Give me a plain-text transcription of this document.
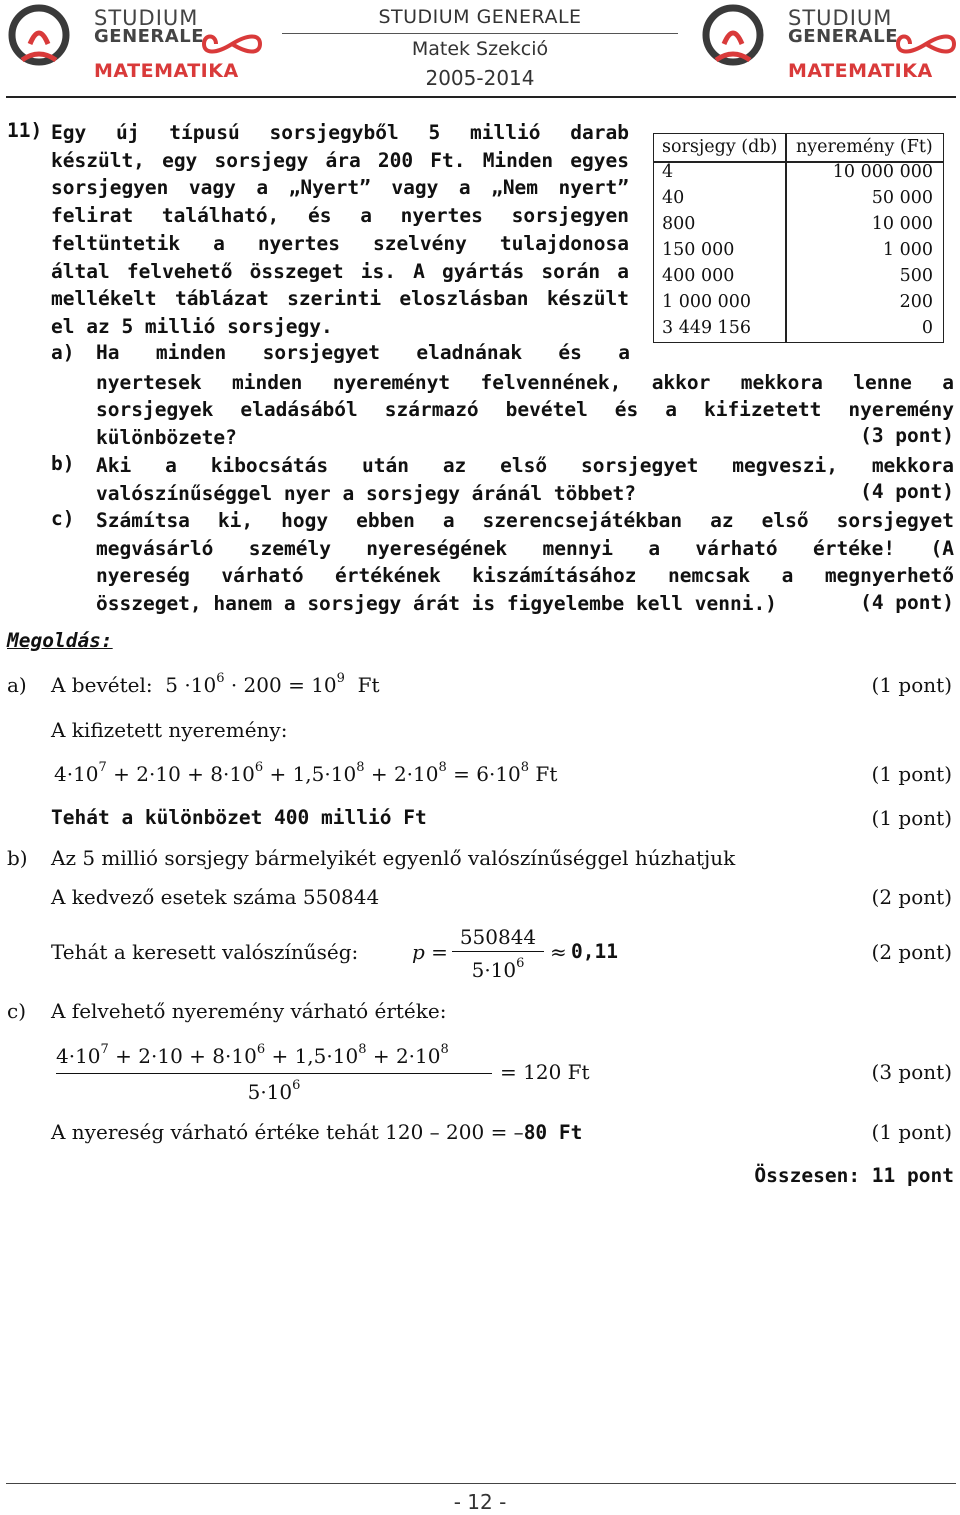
STUDIUM
GENERALE
MATEMATIKA
STUDIUM GENERALE
Matek Szekció
2005-2014
STUDIUM
GENERALE
MATEMATIKA
11) Egy új típusú sorsjegyből 5 millió darab
készült, egy sorsjegy ára 200 Ft. Minden egyes
sorsjegyen vagy a „Nyert” vagy a „Nem nyert”
felirat található, és a nyertes sorsjegyen
feltüntetik a nyertes szelvény tulajdonosa
által felvehető összeget is. A gyártás során a
mellékelt táblázat szerinti eloszlásban készült
el az 5 millió sorsjegy.
sorsjegy (db) nyeremény (Ft)
4	10 000 000
40	50 000
800	10 000
150 000	1 000
400 000	500
1 000 000	200
3 449 156	0
a) Ha minden sorsjegyet eladnának és a
nyertesek minden nyereményt felvennének, akkor mekkora lenne a
sorsjegyek eladásából származó bevétel és a kifizetett nyeremény
különbözete?	(3 pont)
b) Aki a kibocsátás után az első sorsjegyet megveszi, mekkora
valószínűséggel nyer a sorsjegy áránál többet?	(4 pont)
c) Számítsa ki, hogy ebben a szerencsejátékban az első sorsjegyet
megvásárló személy nyereségének mennyi a várható értéke! (A
nyereség várható értékének kiszámításához nemcsak a megnyerhető
összeget, hanem a sorsjegy árát is figyelembe kell venni.)	(4 pont)
Megoldás:
a) A bevétel:  $5 \cdot 10^6 \cdot 200 = 10^9$  Ft	(1 pont)
A kifizetett nyeremény:
$4\cdot 10^7 + 2\cdot 10 + 8\cdot 10^6 + 1,5\cdot 10^8 + 2\cdot 10^8 = 6\cdot 10^8$ Ft	(1 pont)
Tehát a különbözet 400 millió Ft	(1 pont)
b) Az 5 millió sorsjegy bármelyikét egyenlő valószínűséggel húzhatjuk
A kedvező esetek száma 550844	(2 pont)
Tehát a keresett valószínűség:	p =
550844
$5\cdot 10^6$	≈ 0,11	(2 pont)
c) A felvehető nyeremény várható értéke:
$4\cdot 10^7 + 2\cdot 10 + 8\cdot 10^6 + 1,5\cdot 10^8 + 2\cdot 10^8$
$5\cdot 10^6$
= 120 Ft	(3 pont)
A nyereség várható értéke tehát 120 – 200 = –80 Ft	(1 pont)
Összesen: 11 pont
- 12 -
